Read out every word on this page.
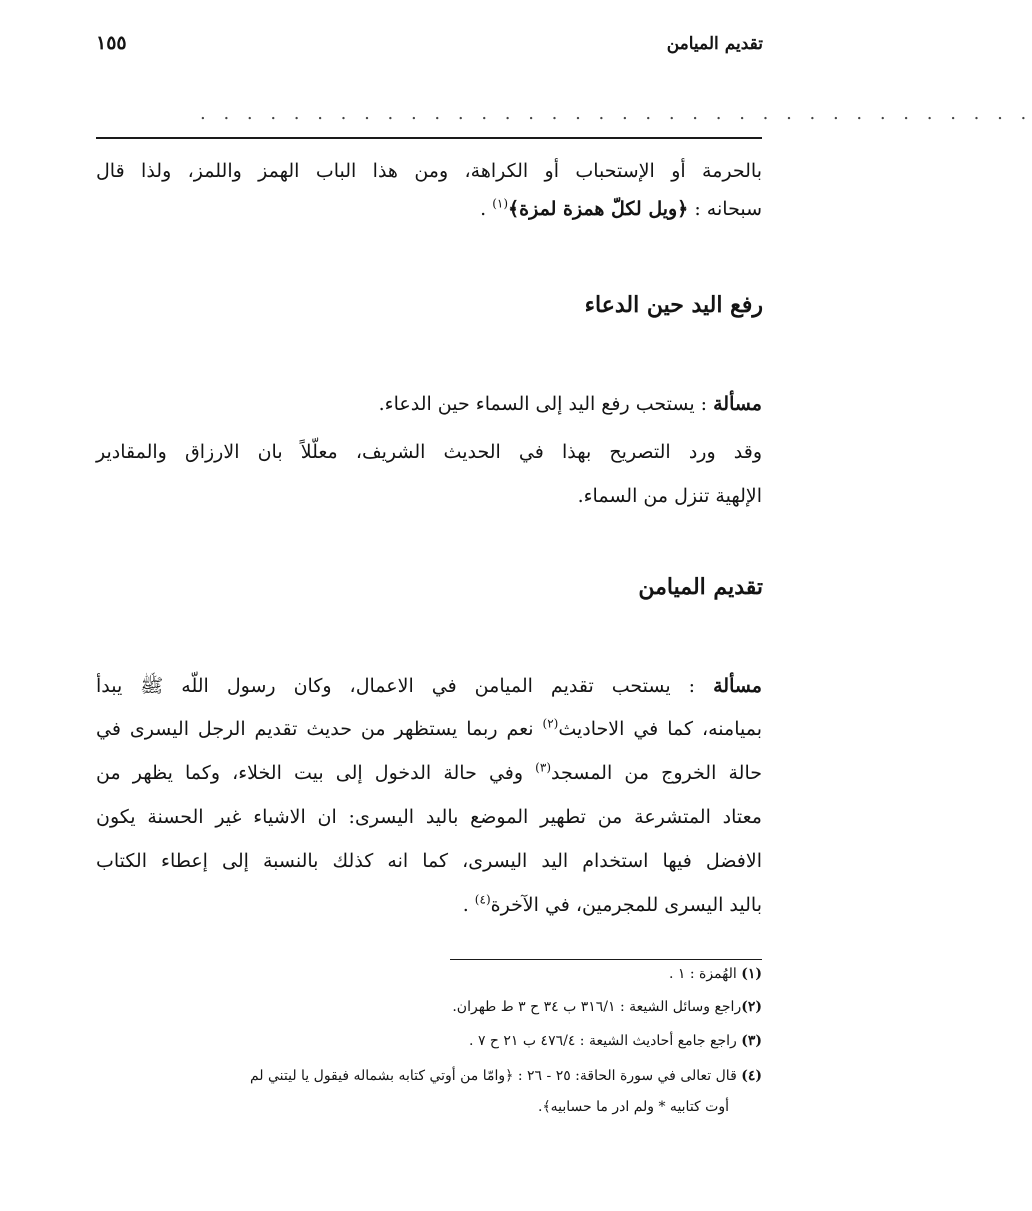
تقديم الميامن
١٥٥
. . . . . . . . . . . . . . . . . . . . . . . . . . . . . . . . . . . .
بالحرمة أو الإستحباب أو الكراهة، ومن هذا الباب الهمز واللمز، ولذا قال
سبحانه : ﴿ويل لكلّ همزة لمزة﴾$^{(١)}$ .
رفع اليد حين الدعاء
مسألة : يستحب رفع اليد إلى السماء حين الدعاء.
وقد ورد التصريح بهذا في الحديث الشريف، معلّلاً بان الارزاق والمقادير
الإلهية تنزل من السماء.
تقديم الميامن
مسألة : يستحب تقديم الميامن في الاعمال، وكان رسول اللّه ﷺ يبدأ
بميامنه، كما في الاحاديث$^{(٢)}$ نعم ربما يستظهر من حديث تقديم الرجل اليسرى في
حالة الخروج من المسجد$^{(٣)}$ وفي حالة الدخول إلى بيت الخلاء، وكما يظهر من
معتاد المتشرعة من تطهير الموضع باليد اليسرى: ان الاشياء غير الحسنة يكون
الافضل فيها استخدام اليد اليسرى، كما انه كذلك بالنسبة إلى إعطاء الكتاب
باليد اليسرى للمجرمين، في الآخرة$^{(٤)}$ .
(١) الهُمزة : ١ .
(٢)راجع وسائل الشيعة : ٣١٦/١ ب ٣٤ ح ٣ ط طهران.
(٣) راجع جامع أحاديث الشيعة : ٤٧٦/٤ ب ٢١ ح ٧ .
(٤) قال تعالى في سورة الحاقة: ٢٥ - ٢٦ : ﴿وامّا من أوتي كتابه بشماله فيقول يا ليتني لم
أوت كتابيه * ولم ادر ما حسابيه﴾.
